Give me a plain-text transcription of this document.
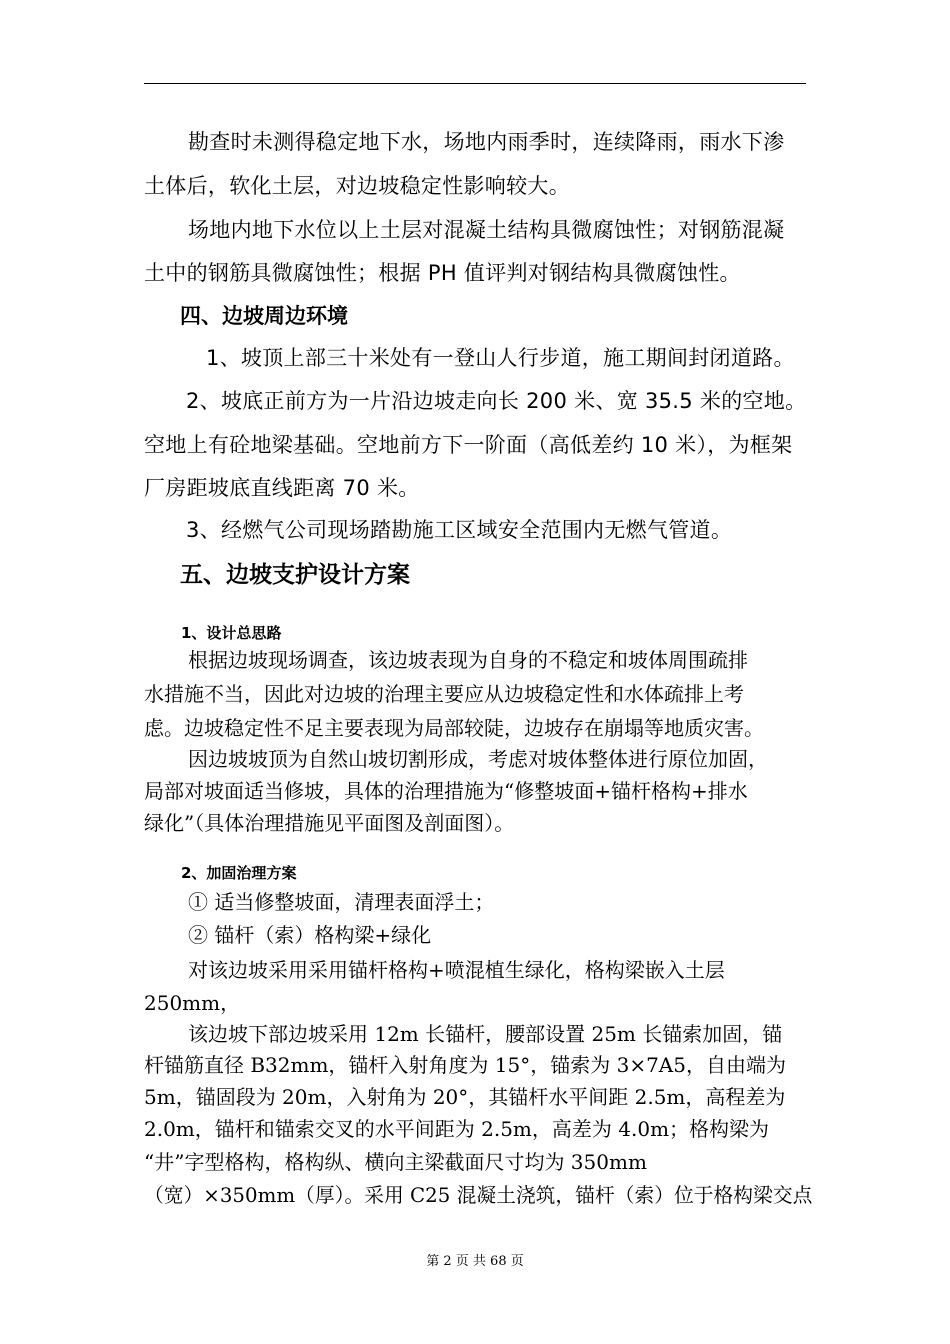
勘查时未测得稳定地下水，场地内雨季时，连续降雨，雨水下渗
土体后，软化土层，对边坡稳定性影响较大。
场地内地下水位以上土层对混凝土结构具微腐蚀性；对钢筋混凝
土中的钢筋具微腐蚀性；根据 PH 值评判对钢结构具微腐蚀性。
四、边坡周边环境
1、坡顶上部三十米处有一登山人行步道，施工期间封闭道路。
2、坡底正前方为一片沿边坡走向长 200 米、宽 35.5 米的空地。
空地上有砼地梁基础。空地前方下一阶面（高低差约 10 米），为框架
厂房距坡底直线距离 70 米。
3、经燃气公司现场踏勘施工区域安全范围内无燃气管道。
五、边坡支护设计方案
1、设计总思路
根据边坡现场调查，该边坡表现为自身的不稳定和坡体周围疏排
水措施不当，因此对边坡的治理主要应从边坡稳定性和水体疏排上考
虑。边坡稳定性不足主要表现为局部较陡，边坡存在崩塌等地质灾害。
因边坡坡顶为自然山坡切割形成，考虑对坡体整体进行原位加固，
局部对坡面适当修坡，具体的治理措施为“修整坡面+锚杆格构+排水
绿化”（具体治理措施见平面图及剖面图）。
2、加固治理方案
① 适当修整坡面，清理表面浮土；
② 锚杆（索）格构梁+绿化
对该边坡采用采用锚杆格构+喷混植生绿化，格构梁嵌入土层
250mm，
该边坡下部边坡采用 12m 长锚杆，腰部设置 25m 长锚索加固，锚
杆锚筋直径 B32mm，锚杆入射角度为 15°，锚索为 3×7A5，自由端为
5m，锚固段为 20m，入射角为 20°，其锚杆水平间距 2.5m，高程差为
2.0m，锚杆和锚索交叉的水平间距为 2.5m，高差为 4.0m；格构梁为
“井”字型格构，格构纵、横向主梁截面尺寸均为 350mm
（宽）×350mm（厚）。采用 C25 混凝土浇筑，锚杆（索）位于格构梁交点
第 2 页 共 68 页
